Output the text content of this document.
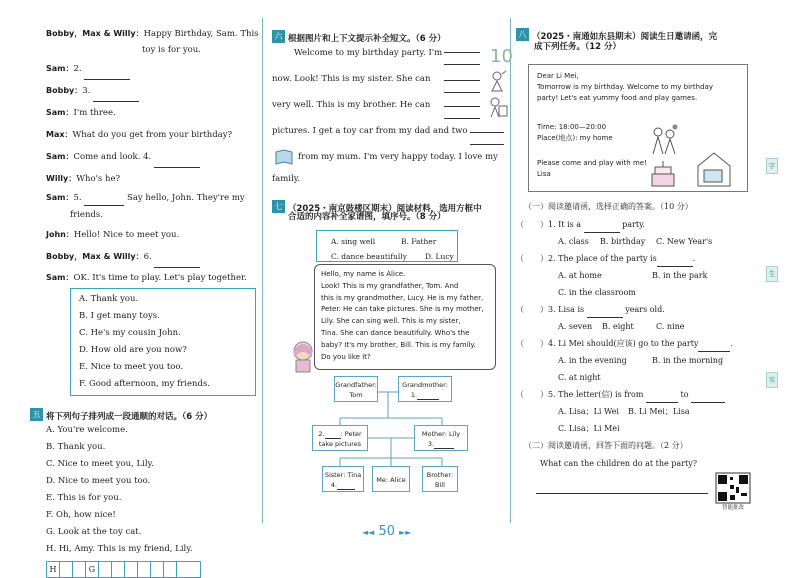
Bobby，Max & Willy：Happy Birthday, Sam. This
toy is for you.
Sam：2.
Bobby：3.
Sam：I'm three.
Max：What do you get from your birthday?
Sam：Come and look. 4.
Willy：Who's he?
Sam：5.	Say hello, John. They're my
friends.
John：Hello! Nice to meet you.
Bobby，Max & Willy：6.
Sam：OK. It's time to play. Let's play together.
A. Thank you.
B. I get many toys.
C. He's my cousin John.
D. How old are you now?
E. Nice to meet you too.
F. Good afternoon, my friends.
五 将下列句子排列成一段通顺的对话。（6 分）
A. You're welcome.
B. Thank you.
C. Nice to meet you, Lily.
D. Nice to meet you too.
E. This is for you.
F. Oh, how nice!
G. Look at the toy cat.
H. Hi, Amy. This is my friend, Lily.
H	G
六 根据图片和上下文提示补全短文。（6 分）
Welcome to my birthday party. I'm
now. Look! This is my sister. She can
very well. This is my brother. He can
pictures. I get a toy car from my dad and two
from my mum. I'm very happy today. I love my
family.
10
七 （2025・南京鼓楼区期末）阅读材料，选用方框中
合适的内容补全家谱图，填序号。（8 分）
A. sing well	B. Father
C. dance beautifully	D. Lucy
Hello, my name is Alice.
Look! This is my grandfather, Tom. And
this is my grandmother, Lucy. He is my father,
Peter. He can take pictures. She is my mother,
Lily. She can sing well. This is my sister,
Tina. She can dance beautifully. Who's the
baby? It's my brother, Bill. This is my family.
Do you like it?
Grandfather:
Tom
Grandmother:
1.
2. : Peter
take pictures
Mother: Lily
3.
Sister: Tina
4.
Me: Alice
Brother:
Bill
八 （2025・南通如东县期末）阅读生日邀请函，完
成下列任务。（12 分）
Dear Li Mei,
Tomorrow is my birthday. Welcome to my birthday
party! Let's eat yummy food and play games.
Time: 18:00—20:00
Place(地点): my home
Please come and play with me!
Lisa
（一）阅读邀请函，选择正确的答案。（10 分）
（　　）1. It is a	party.
A. class B. birthday C. New Year's
（　　）2. The place of the party is	.
A. at home	B. in the park
C. in the classroom
（　　）3. Lisa is	years old.
A. seven B. eight	C. nine
（　　）4. Li Mei should(应该) go to the party	.
A. in the evening	B. in the morning
C. at night
（　　）5. The letter(信) is from	to
A. Lisa；Li Wei B. Li Mei；Lisa
C. Lisa；Li Mei
（二）阅读邀请函，回答下面的问题。（2 分）
What can the children do at the party?
智能批改
字
生
实
◄◄ 50 ►►
